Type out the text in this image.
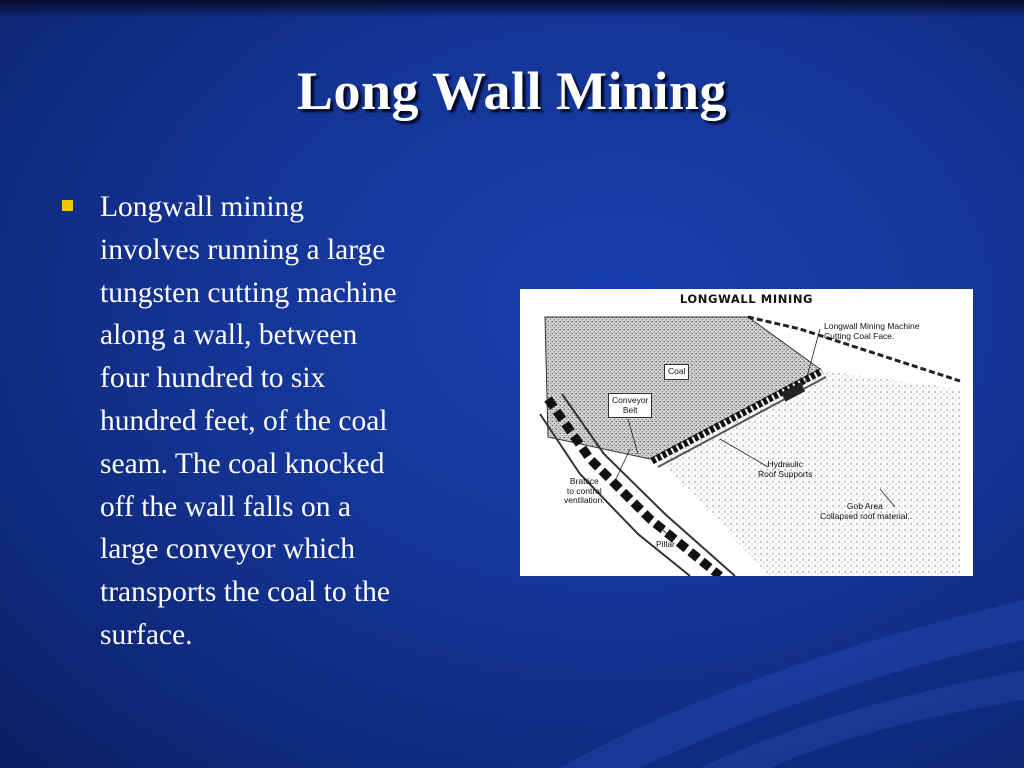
Long Wall Mining
Longwall mining
involves running a large
tungsten cutting machine
along a wall, between
four hundred to six
hundred feet, of the coal
seam. The coal knocked
off the wall falls on a
large conveyor which
transports the coal to the
surface.
LONGWALL MINING
Longwall Mining Machine
Cutting Coal Face.
Coal
Conveyor
Belt
Hydraulic
Roof Supports
Brattice
to control
ventilation.
Gob Area
Collapsed roof material.
Pillar
